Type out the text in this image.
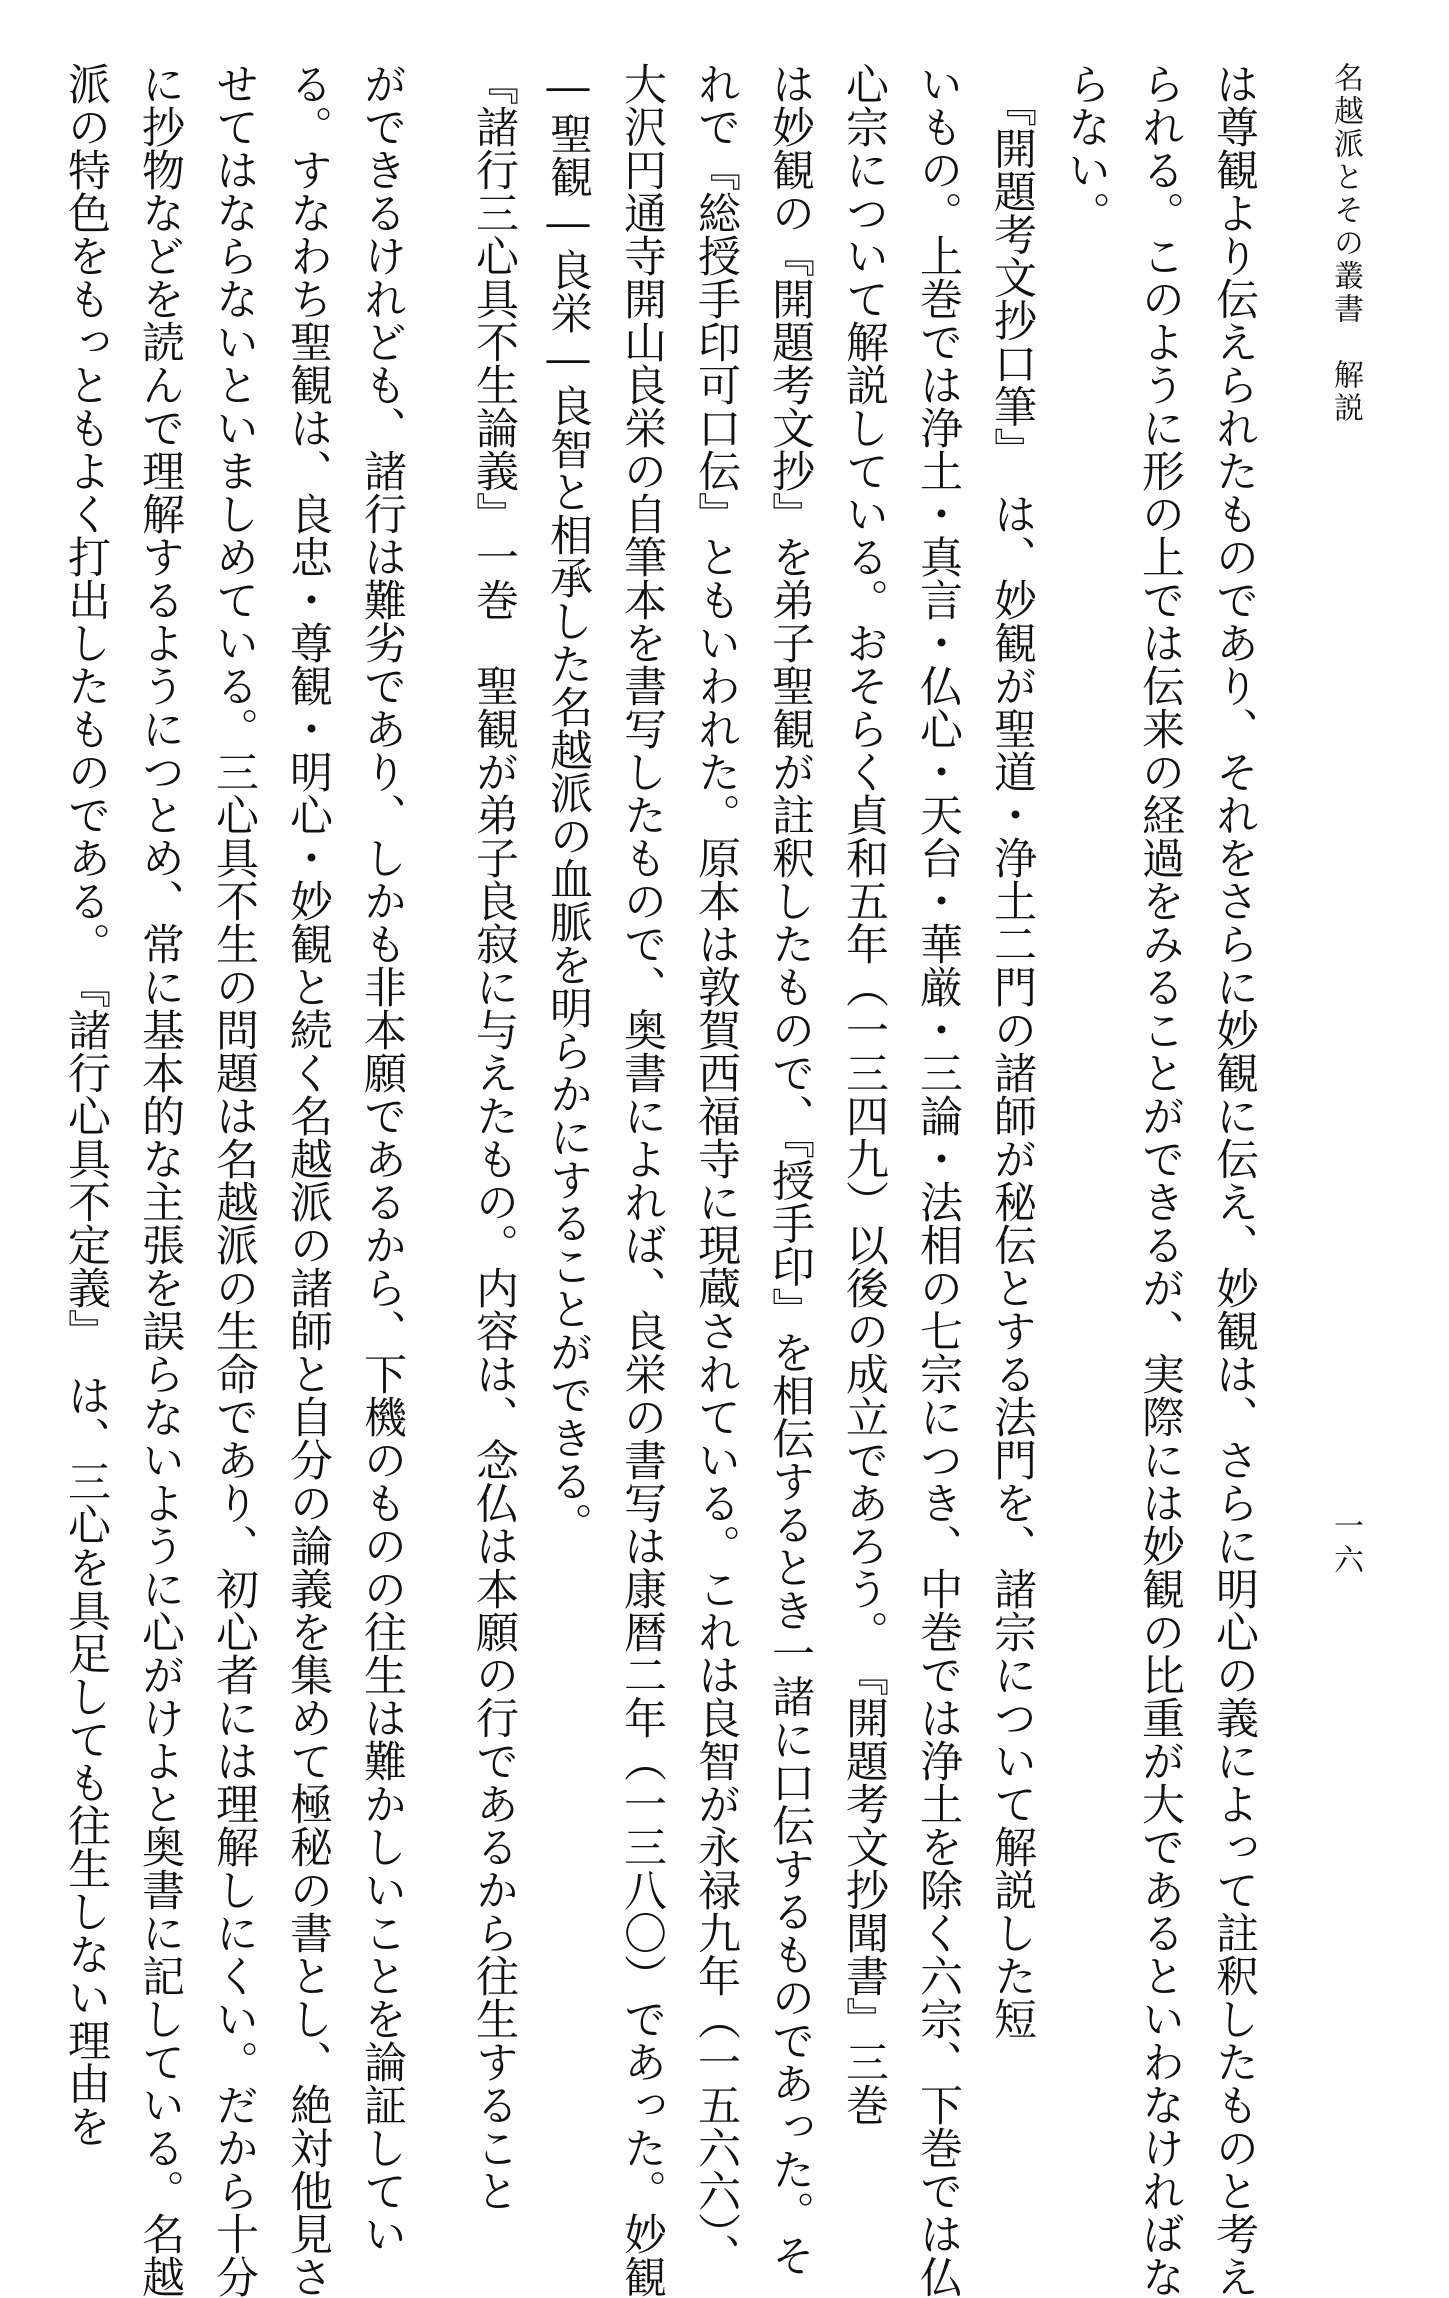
名越派とその叢書　解説
一六
は尊観より伝えられたものであり、それをさらに妙観に伝え、妙観は、さらに明心の義によって註釈したものと考え
られる。このように形の上では伝来の経過をみることができるが、実際には妙観の比重が大であるといわなければな
らない。
　『開題考文抄口筆』　は、妙観が聖道・浄土二門の諸師が秘伝とする法門を、諸宗について解説した短
いもの。上巻では浄土・真言・仏心・天台・華厳・三論・法相の七宗につき、中巻では浄土を除く六宗、下巻では仏
心宗について解説している。おそらく貞和五年（一三四九）以後の成立であろう。　『開題考文抄聞書』三巻
は妙観の『開題考文抄』を弟子聖観が註釈したもので、『授手印』を相伝するとき一諸に口伝するものであった。そ
れで『総授手印可口伝』ともいわれた。原本は敦賀西福寺に現蔵されている。これは良智が永禄九年（一五六六）、
大沢円通寺開山良栄の自筆本を書写したもので、奥書によれば、良栄の書写は康暦二年（一三八〇）であった。妙観
―聖観―良栄―良智と相承した名越派の血脈を明らかにすることができる。
『諸行三心具不生論義』一巻　聖観が弟子良寂に与えたもの。内容は、念仏は本願の行であるから往生すること
ができるけれども、諸行は難劣であり、しかも非本願であるから、下機のものの往生は難かしいことを論証してい
る。すなわち聖観は、良忠・尊観・明心・妙観と続く名越派の諸師と自分の論義を集めて極秘の書とし、絶対他見さ
せてはならないといましめている。三心具不生の問題は名越派の生命であり、初心者には理解しにくい。だから十分
に抄物などを読んで理解するようにつとめ、常に基本的な主張を誤らないように心がけよと奥書に記している。名越
派の特色をもっともよく打出したものである。　『諸行心具不定義』　は、三心を具足しても往生しない理由を
